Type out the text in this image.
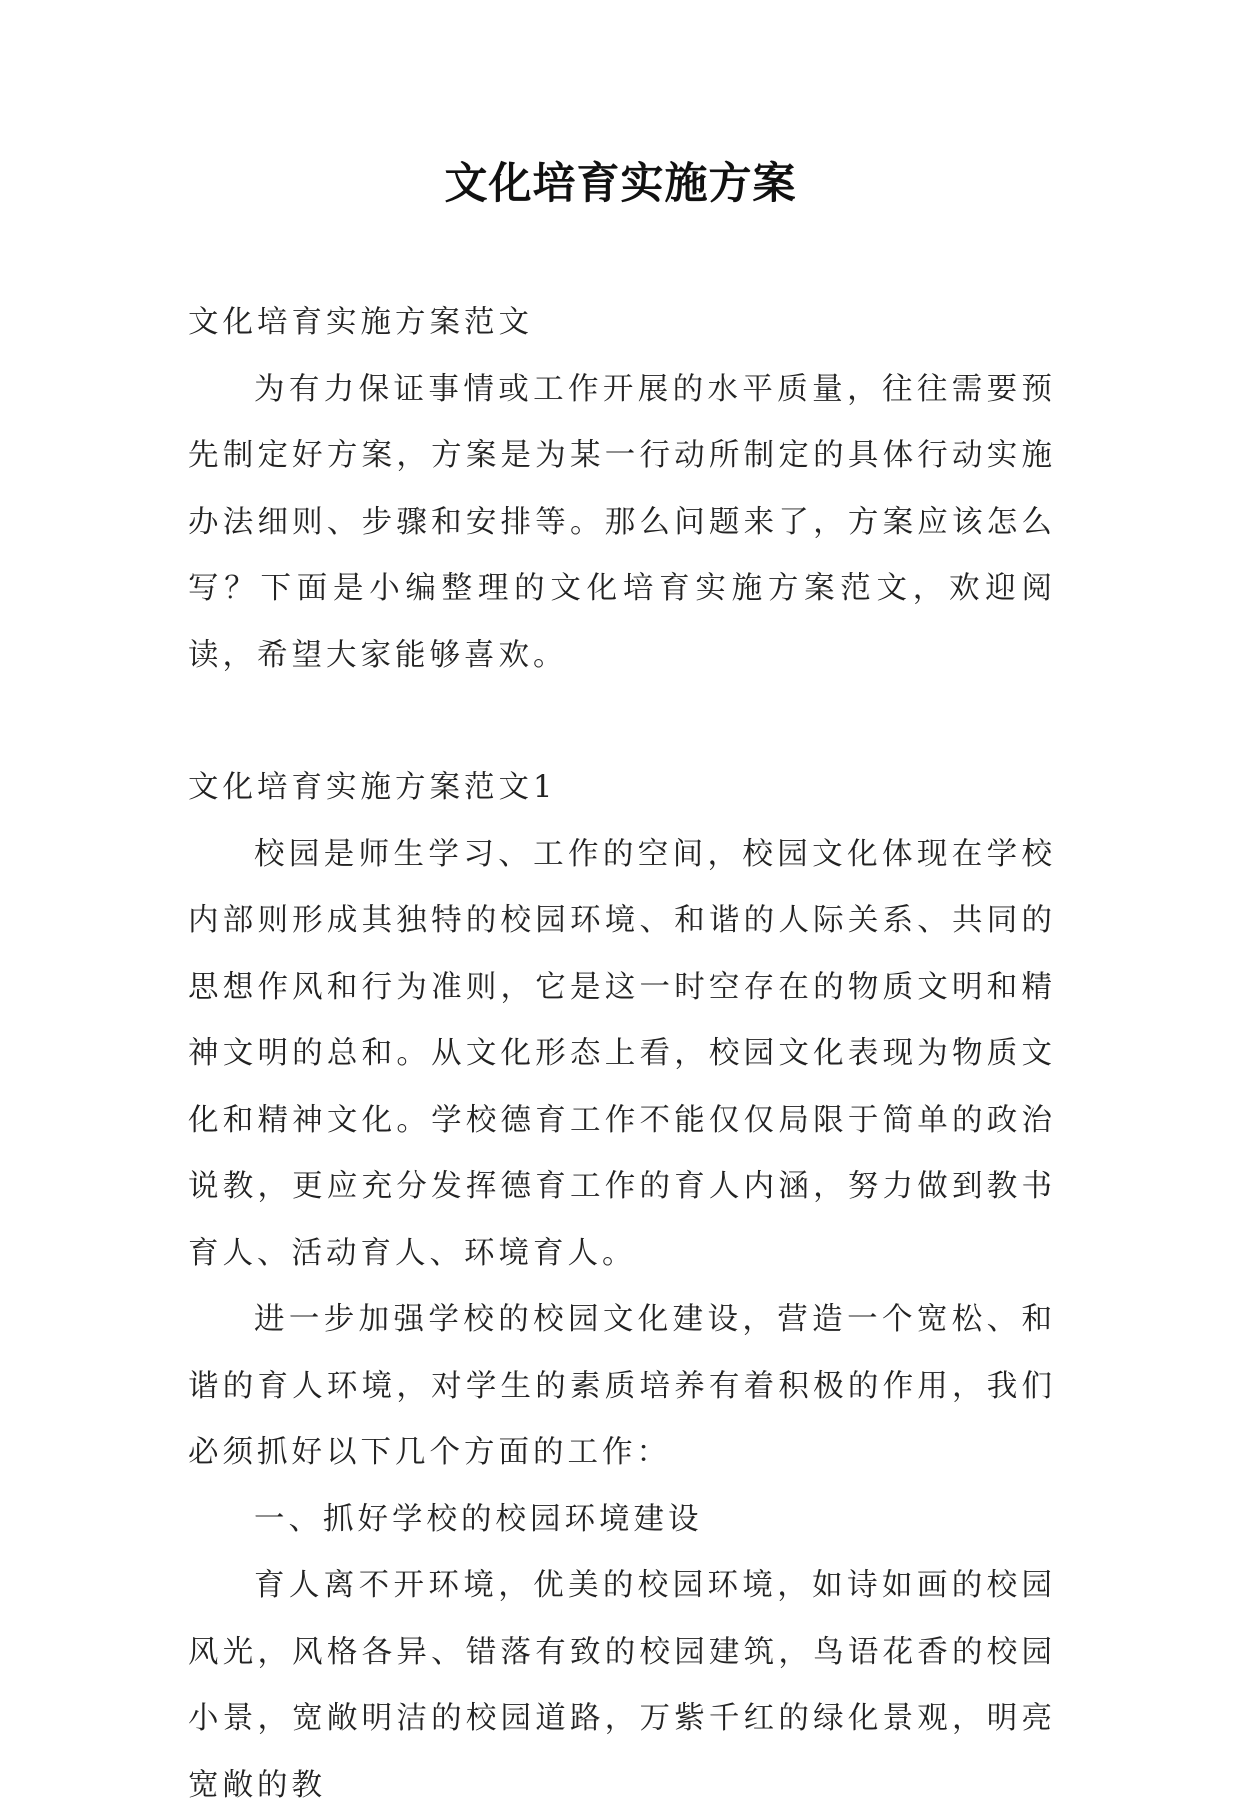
文化培育实施方案

文化培育实施方案范文

为有力保证事情或工作开展的水平质量，往往需要预先制定好方案，方案是为某一行动所制定的具体行动实施办法细则、步骤和安排等。那么问题来了，方案应该怎么写？下面是小编整理的文化培育实施方案范文，欢迎阅读，希望大家能够喜欢。

文化培育实施方案范文1

校园是师生学习、工作的空间，校园文化体现在学校内部则形成其独特的校园环境、和谐的人际关系、共同的思想作风和行为准则，它是这一时空存在的物质文明和精神文明的总和。从文化形态上看，校园文化表现为物质文化和精神文化。学校德育工作不能仅仅局限于简单的政治说教，更应充分发挥德育工作的育人内涵，努力做到教书育人、活动育人、环境育人。

进一步加强学校的校园文化建设，营造一个宽松、和谐的育人环境，对学生的素质培养有着积极的作用，我们必须抓好以下几个方面的工作：

一、抓好学校的校园环境建设

育人离不开环境，优美的校园环境，如诗如画的校园风光，风格各异、错落有致的校园建筑，鸟语花香的校园小景，宽敞明洁的校园道路，万紫千红的绿化景观，明亮宽敞的教
